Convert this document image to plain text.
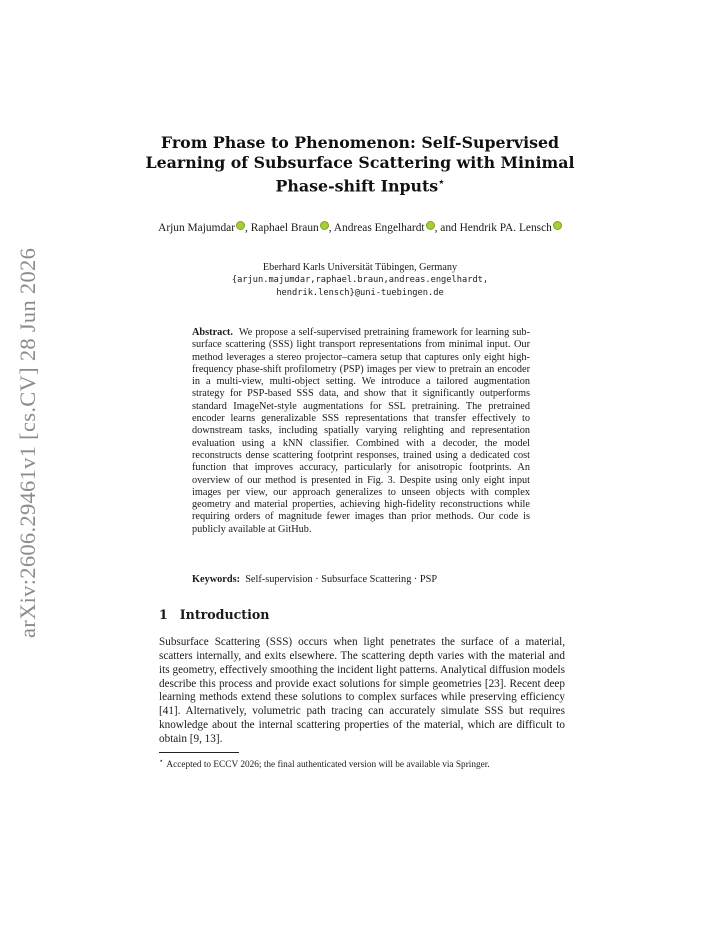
arXiv:2606.29461v1 [cs.CV] 28 Jun 2026
From Phase to Phenomenon: Self-Supervised Learning of Subsurface Scattering with Minimal Phase-shift Inputs⋆
Arjun Majumdar , Raphael Braun , Andreas Engelhardt , and Hendrik PA. Lensch
Eberhard Karls Universität Tübingen, Germany
{arjun.majumdar,raphael.braun,andreas.engelhardt,
hendrik.lensch}@uni-tuebingen.de
Abstract. We propose a self-supervised pretraining framework for learning sub-surface scattering (SSS) light transport representations from minimal input. Our method leverages a stereo projector–camera setup that captures only eight high-frequency phase-shift profilometry (PSP) images per view to pretrain an encoder in a multi-view, multi-object setting. We introduce a tailored augmentation strategy for PSP-based SSS data, and show that it significantly outperforms standard ImageNet-style augmentations for SSL pretraining. The pretrained encoder learns generalizable SSS representations that transfer effectively to downstream tasks, including spatially varying relighting and representation evaluation using a kNN classifier. Combined with a decoder, the model reconstructs dense scattering footprint responses, trained using a dedicated cost function that improves accuracy, particularly for anisotropic footprints. An overview of our method is presented in Fig. 3. Despite using only eight input images per view, our approach generalizes to unseen objects with complex geometry and material properties, achieving high-fidelity reconstructions while requiring orders of magnitude fewer images than prior methods. Our code is publicly available at GitHub.
Keywords: Self-supervision · Subsurface Scattering · PSP
1 Introduction
Subsurface Scattering (SSS) occurs when light penetrates the surface of a material, scatters internally, and exits elsewhere. The scattering depth varies with the material and its geometry, effectively smoothing the incident light patterns. Analytical diffusion models describe this process and provide exact solutions for simple geometries [23]. Recent deep learning methods extend these solutions to complex surfaces while preserving efficiency [41]. Alternatively, volumetric path tracing can accurately simulate SSS but requires knowledge about the internal scattering properties of the material, which are difficult to obtain [9, 13].
⋆ Accepted to ECCV 2026; the final authenticated version will be available via Springer.
